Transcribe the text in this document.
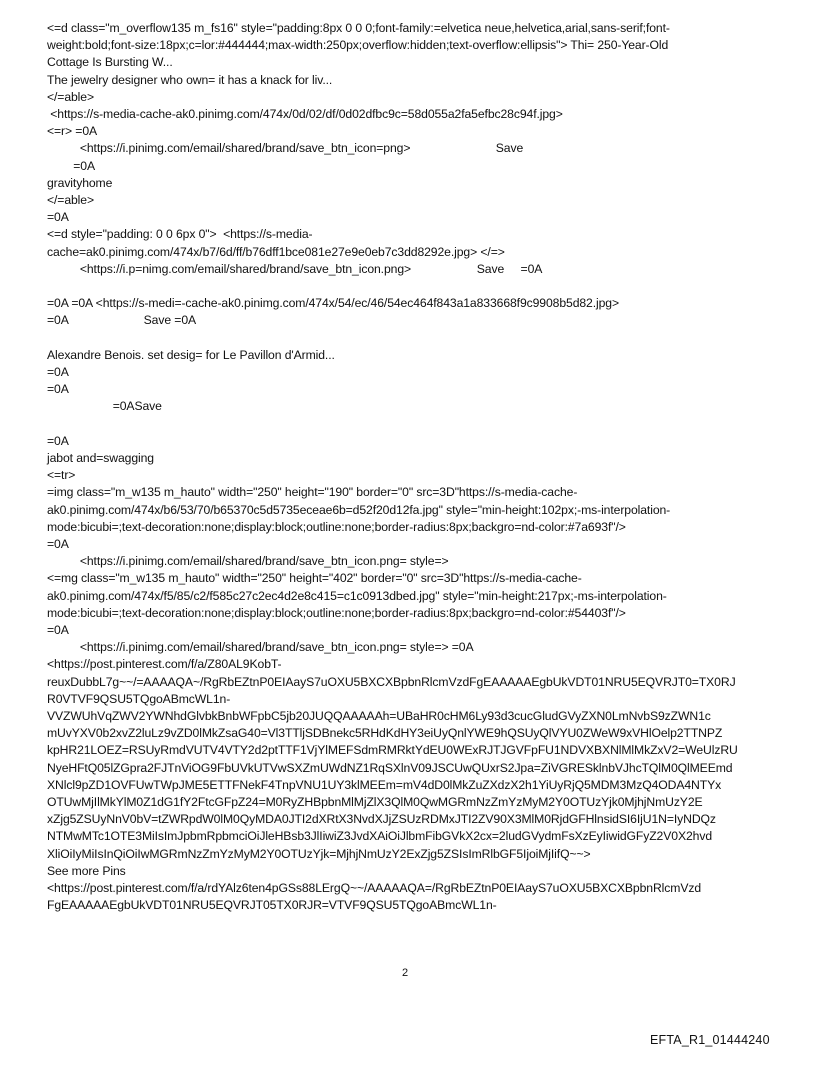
<=d class="m_overflow135 m_fs16" style="padding:8px 0 0 0;font-family:=elvetica neue,helvetica,arial,sans-serif;font-
weight:bold;font-size:18px;c=lor:#444444;max-width:250px;overflow:hidden;text-overflow:ellipsis"> Thi= 250-Year-Old
Cottage Is Bursting W...
The jewelry designer who own= it has a knack for liv...
</=able>
<https://s-media-cache-ak0.pinimg.com/474x/0d/02/df/0d02dfbc9c=58d055a2fa5efbc28c94f.jpg>
<=r> =0A
<https://i.pinimg.com/email/shared/brand/save_btn_icon=png>                          Save
=0A
gravityhome
</=able>
=0A
<=d style="padding: 0 0 6px 0">  <https://s-media-
cache=ak0.pinimg.com/474x/b7/6d/ff/b76dff1bce081e27e9e0eb7c3dd8292e.jpg> </=>
<https://i.p=nimg.com/email/shared/brand/save_btn_icon.png>                    Save     =0A
=0A =0A <https://s-medi=-cache-ak0.pinimg.com/474x/54/ec/46/54ec464f843a1a833668f9c9908b5d82.jpg>
=0A                       Save =0A
Alexandre Benois. set desig= for Le Pavillon d'Armid...
=0A
=0A
=0ASave
=0A
jabot and=swagging
<=tr>
=img class="m_w135 m_hauto" width="250" height="190" border="0" src=3D"https://s-media-cache-
ak0.pinimg.com/474x/b6/53/70/b65370c5d5735eceae6b=d52f20d12fa.jpg" style="min-height:102px;-ms-interpolation-
mode:bicubi=;text-decoration:none;display:block;outline:none;border-radius:8px;backgro=nd-color:#7a693f"/>
=0A
<https://i.pinimg.com/email/shared/brand/save_btn_icon.png= style=>
<=mg class="m_w135 m_hauto" width="250" height="402" border="0" src=3D"https://s-media-cache-
ak0.pinimg.com/474x/f5/85/c2/f585c27c2ec4d2e8c415=c1c0913dbed.jpg" style="min-height:217px;-ms-interpolation-
mode:bicubi=;text-decoration:none;display:block;outline:none;border-radius:8px;backgro=nd-color:#54403f"/>
=0A
<https://i.pinimg.com/email/shared/brand/save_btn_icon.png= style=> =0A
<https://post.pinterest.com/f/a/Z80AL9KobT-
reuxDubbL7g~~/=AAAAQA~/RgRbEZtnP0EIAayS7uOXU5BXCXBpbnRlcmVzdFgEAAAAAEgbUkVDT01NRU5EQVRJT0=TX0RJ
R0VTVF9QSU5TQgoABmcWL1n-
VVZWUhVqZWV2YWNhdGlvbkBnbWFpbC5jb20JUQQAAAAAh=UBaHR0cHM6Ly93d3cucGludGVyZXN0LmNvbS9zZWN1c
mUvYXV0b2xvZ2luLz9vZD0lMkZsaG40=Vl3TTljSDBnekc5RHdKdHY3eiUyQnlYWE9hQSUyQlVYU0ZWeW9xVHlOelp2TTNPZ
kpHR21LOEZ=RSUyRmdVUTV4VTY2d2ptTTF1VjYlMEFSdmRMRktYdEU0WExRJTJGVFpFU1NDVXBXNlMlMkZxV2=WeUlzRU
NyeHFtQ05lZGpra2FJTnViOG9FbUVkUTVwSXZmUWdNZ1RqSXlnV09JSCUwQUxrS2Jpa=ZiVGRESklnbVJhcTQlM0QlMEEmd
XNlcl9pZD1OVFUwTWpJME5ETTFNekF4TnpVNU1UY3klMEEm=mV4dD0lMkZuZXdzX2h1YiUyRjQ5MDM3MzQ4ODA4NTYx
OTUwMjIlMkYlM0Z1dG1fY2FtcGFpZ24=M0RyZHBpbnMlMjZlX3QlM0QwMGRmNzZmYzMyM2Y0OTUzYjk0MjhjNmUzY2E
xZjg5ZSUyNnV0bV=tZWRpdW0lM0QyMDA0JTI2dXRtX3NvdXJjZSUzRDMxJTI2ZV90X3MlM0RjdGFHlnsidSI6IjU1N=IyNDQz
NTMwMTc1OTE3MiIsImJpbmRpbmciOiJleHBsb3JlIiwiZ3JvdXAiOiJlbmFibGVkX2cx=2ludGVydmFsXzEyIiwidGFyZ2V0X2hvd
XliOiIyMiIsInQiOiIwMGRmNzZmYzMyM2Y0OTUzYjk=MjhjNmUzY2ExZjg5ZSIsImRlbGF5IjoiMjIifQ~~>
See more Pins
<https://post.pinterest.com/f/a/rdYAlz6ten4pGSs88LErgQ~~/AAAAAQA=/RgRbEZtnP0EIAayS7uOXU5BXCXBpbnRlcmVzd
FgEAAAAAEgbUkVDT01NRU5EQVRJT05TX0RJR=VTVF9QSU5TQgoABmcWL1n-
2
EFTA_R1_01444240
